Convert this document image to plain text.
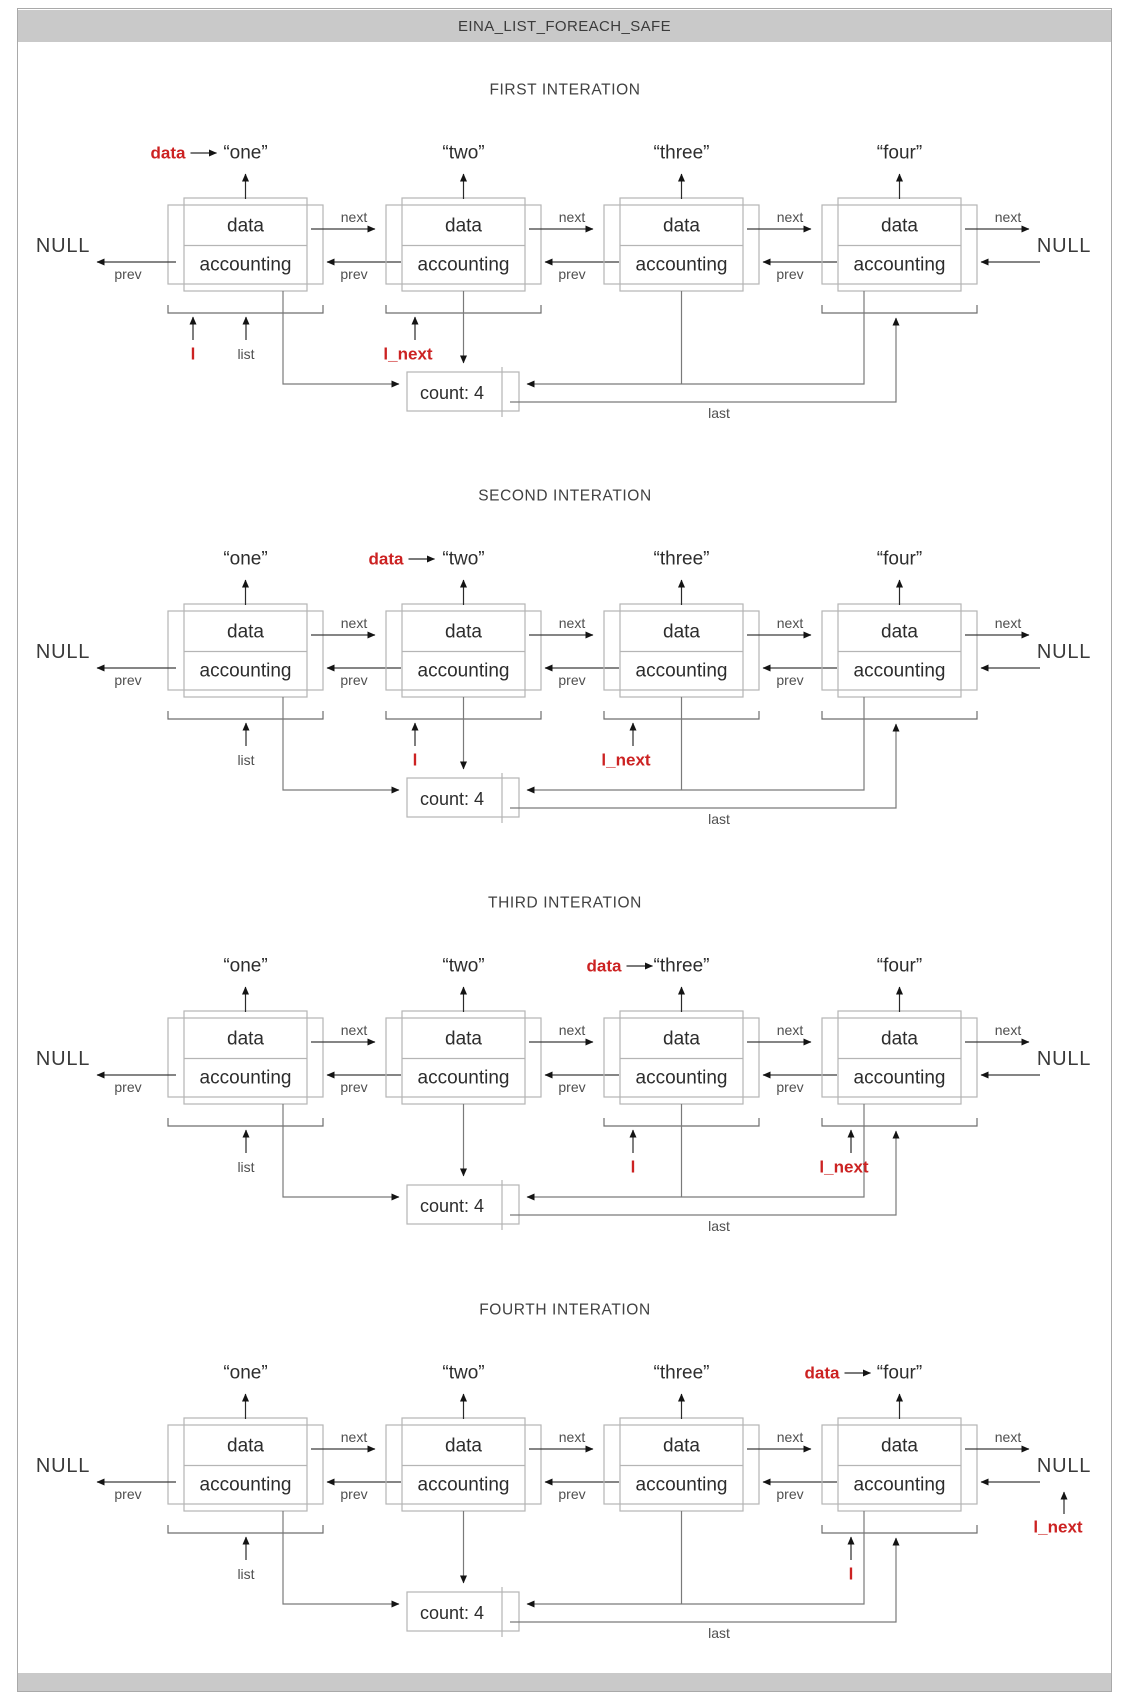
EINA_LIST_FOREACH_SAFE
FIRST INTERATION
data
accounting
“one”
next
prev
data
accounting
“two”
next
prev
data
accounting
“three”
next
prev
data
accounting
“four”
next
prev
NULL	NULL
data
count: 4
last
list
l	l_next
SECOND INTERATION
data
accounting
“one”
next
prev
data
accounting
“two”
next
prev
data
accounting
“three”
next
prev
data
accounting
“four”
next
prev
NULL	NULL
data
count: 4
last
list	l	l_next
THIRD INTERATION
data
accounting
“one”
next
prev
data
accounting
“two”
next
prev
data
accounting
“three”
next
prev
data
accounting
“four”
next
prev
NULL	NULL
data
count: 4
last
list	l	l_next
FOURTH INTERATION
data
accounting
“one”
next
prev
data
accounting
“two”
next
prev
data
accounting
“three”
next
prev
data
accounting
“four”
next
prev
NULL	NULL
data
count: 4
last
list	l
l_next
